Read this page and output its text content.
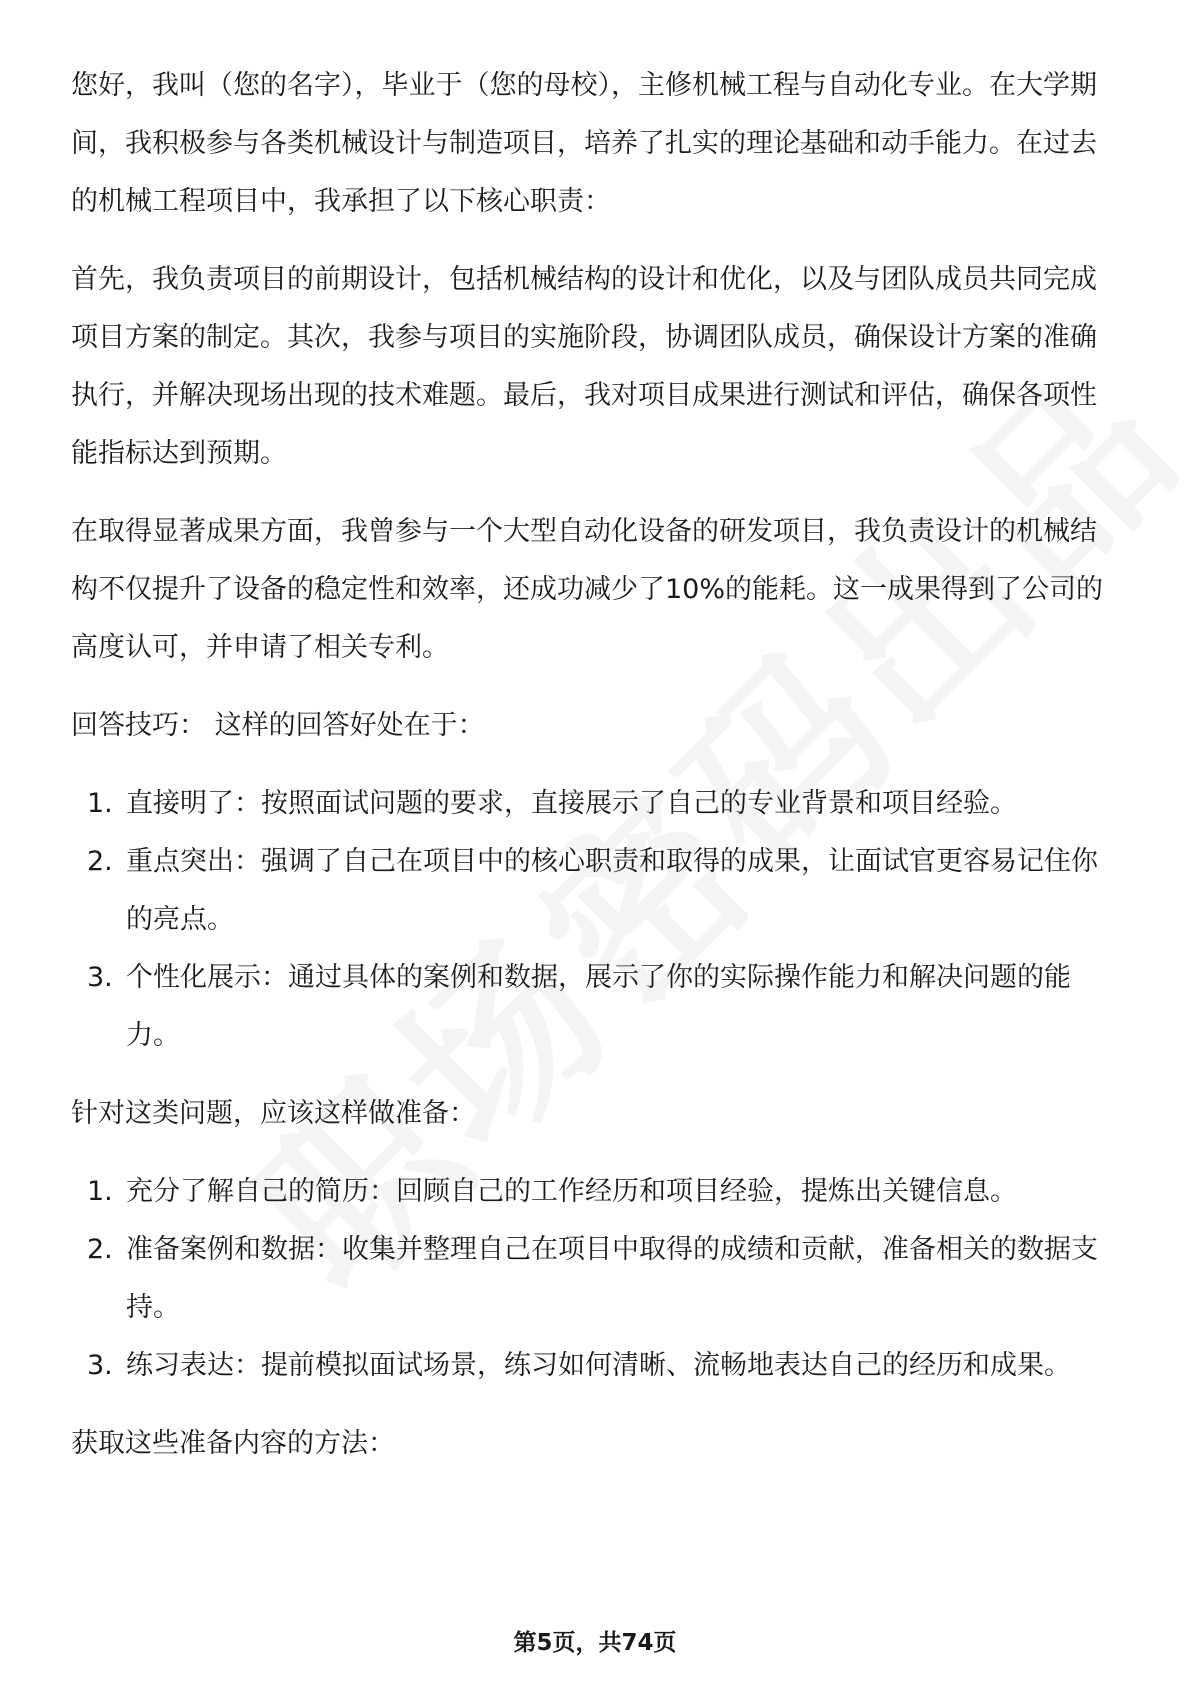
您好，我叫（您的名字），毕业于（您的母校），主修机械工程与自动化专业。在大学期间，我积极参与各类机械设计与制造项目，培养了扎实的理论基础和动手能力。在过去的机械工程项目中，我承担了以下核心职责：

首先，我负责项目的前期设计，包括机械结构的设计和优化，以及与团队成员共同完成项目方案的制定。其次，我参与项目的实施阶段，协调团队成员，确保设计方案的准确执行，并解决现场出现的技术难题。最后，我对项目成果进行测试和评估，确保各项性能指标达到预期。

在取得显著成果方面，我曾参与一个大型自动化设备的研发项目，我负责设计的机械结构不仅提升了设备的稳定性和效率，还成功减少了10%的能耗。这一成果得到了公司的高度认可，并申请了相关专利。

回答技巧： 这样的回答好处在于：

1. 直接明了：按照面试问题的要求，直接展示了自己的专业背景和项目经验。
2. 重点突出：强调了自己在项目中的核心职责和取得的成果，让面试官更容易记住你的亮点。
3. 个性化展示：通过具体的案例和数据，展示了你的实际操作能力和解决问题的能力。

针对这类问题，应该这样做准备：

1. 充分了解自己的简历：回顾自己的工作经历和项目经验，提炼出关键信息。
2. 准备案例和数据：收集并整理自己在项目中取得的成绩和贡献，准备相关的数据支持。
3. 练习表达：提前模拟面试场景，练习如何清晰、流畅地表达自己的经历和成果。

获取这些准备内容的方法：

第5页，共74页
